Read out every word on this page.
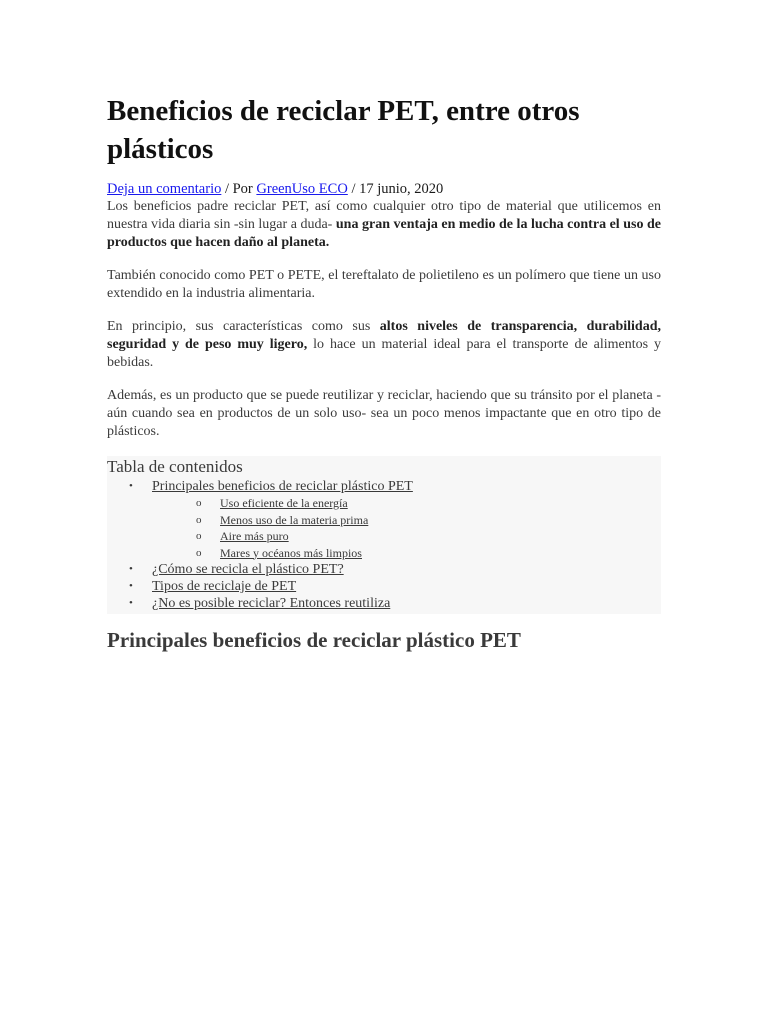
Beneficios de reciclar PET, entre otros plásticos
Deja un comentario / Por GreenUso ECO / 17 junio, 2020

Los beneficios padre reciclar PET, así como cualquier otro tipo de material que utilicemos en nuestra vida diaria sin -sin lugar a duda- una gran ventaja en medio de la lucha contra el uso de productos que hacen daño al planeta.

También conocido como PET o PETE, el tereftalato de polietileno es un polímero que tiene un uso extendido en la industria alimentaria.

En principio, sus características como sus altos niveles de transparencia, durabilidad, seguridad y de peso muy ligero, lo hace un material ideal para el transporte de alimentos y bebidas.

Además, es un producto que se puede reutilizar y reciclar, haciendo que su tránsito por el planeta -aún cuando sea en productos de un solo uso- sea un poco menos impactante que en otro tipo de plásticos.

Tabla de contenidos
• Principales beneficios de reciclar plástico PET
o Uso eficiente de la energía
o Menos uso de la materia prima
o Aire más puro
o Mares y océanos más limpios
• ¿Cómo se recicla el plástico PET?
• Tipos de reciclaje de PET
• ¿No es posible reciclar? Entonces reutiliza
Principales beneficios de reciclar plástico PET
